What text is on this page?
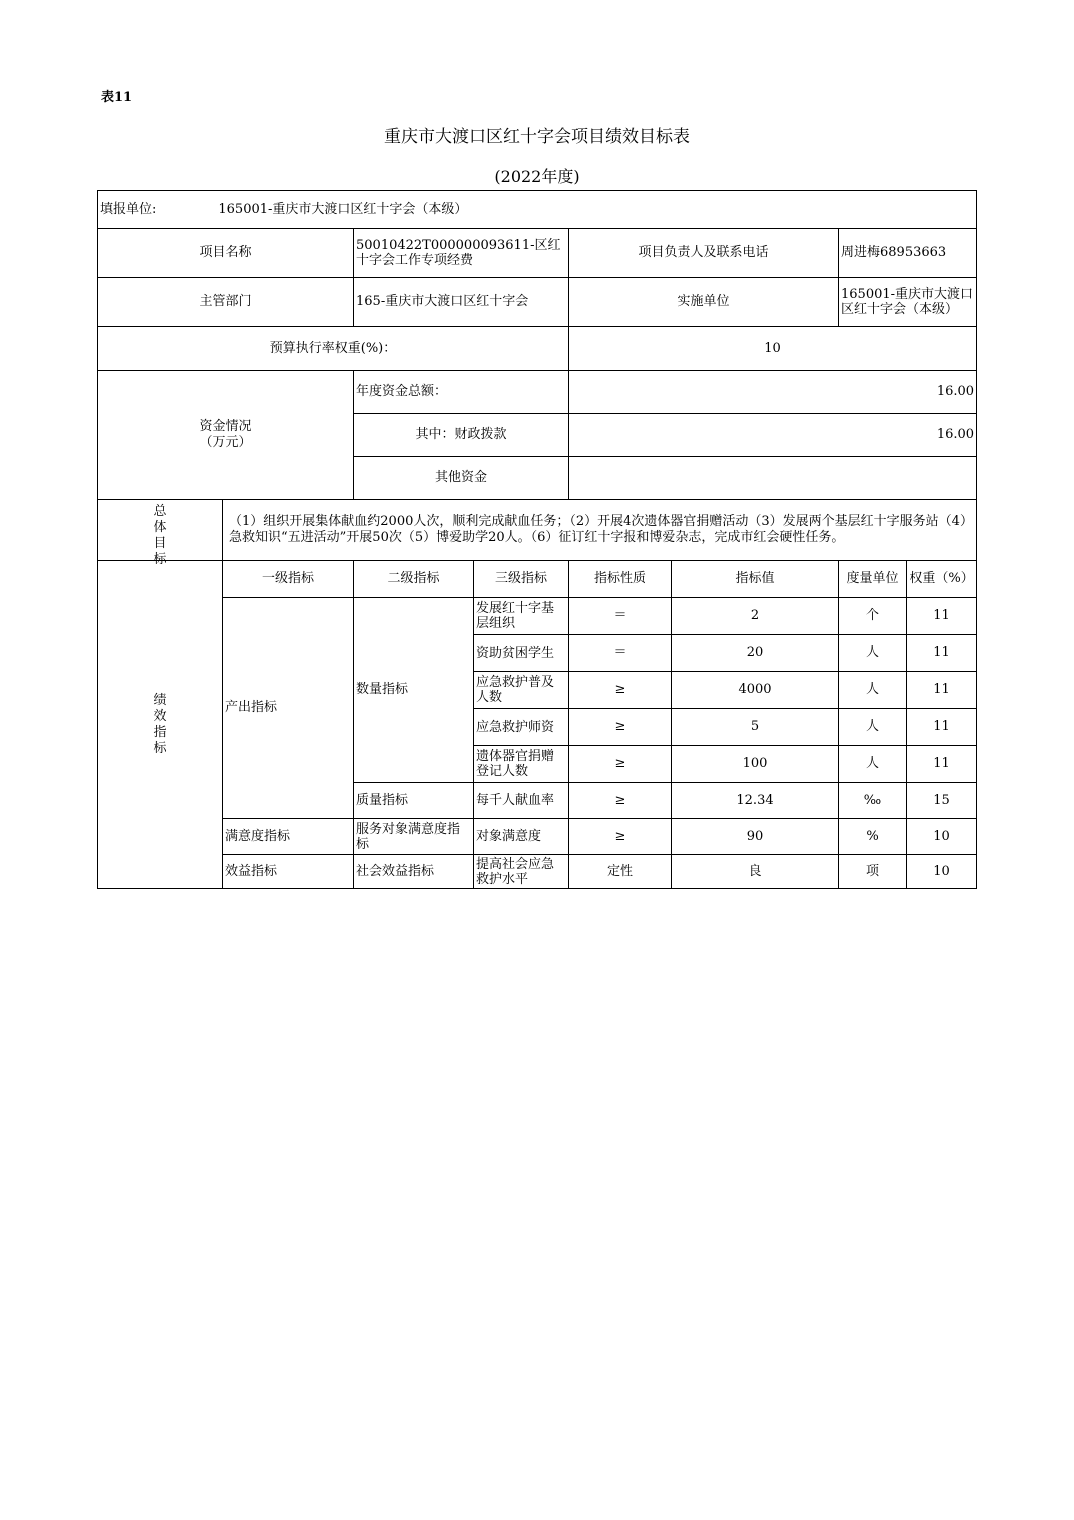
表11
重庆市大渡口区红十字会项目绩效目标表
(2022年度)
填报单位: 165001-重庆市大渡口区红十字会（本级）							
项目名称		50010422T000000093611-区红十字会工作专项经费		项目负责人及联系电话		周进梅68953663	
主管部门		165-重庆市大渡口区红十字会		实施单位		165001-重庆市大渡口区红十字会（本级）	
预算执行率权重(%)：				10			

资金情况
（万元）		年度资金总额：		16.00			
		其中：财政拨款		16.00			
		其他资金					

总
体
目
标	（1）组织开展集体献血约2000人次，顺利完成献血任务；（2）开展4次遗体器官捐赠活动（3）发展两个基层红十字服务站（4）急救知识“五进活动”开展50次（5）博爱助学20人。（6）征订红十字报和博爱杂志，完成市红会硬性任务。						

绩
效
指
标	一级指标	二级指标	三级指标	指标性质	指标值	度量单位	权重（%）
	产出指标	数量指标	发展红十字基层组织	＝	2	个	11
			资助贫困学生	＝	20	人	11
			应急救护普及人数	≥	4000	人	11
			应急救护师资	≥	5	人	11
			遗体器官捐赠登记人数	≥	100	人	11
		质量指标	每千人献血率	≥	12.34	‰	15
	满意度指标	服务对象满意度指标	对象满意度	≥	90	%	10
	效益指标	社会效益指标	提高社会应急救护水平	定性	良	项	10
